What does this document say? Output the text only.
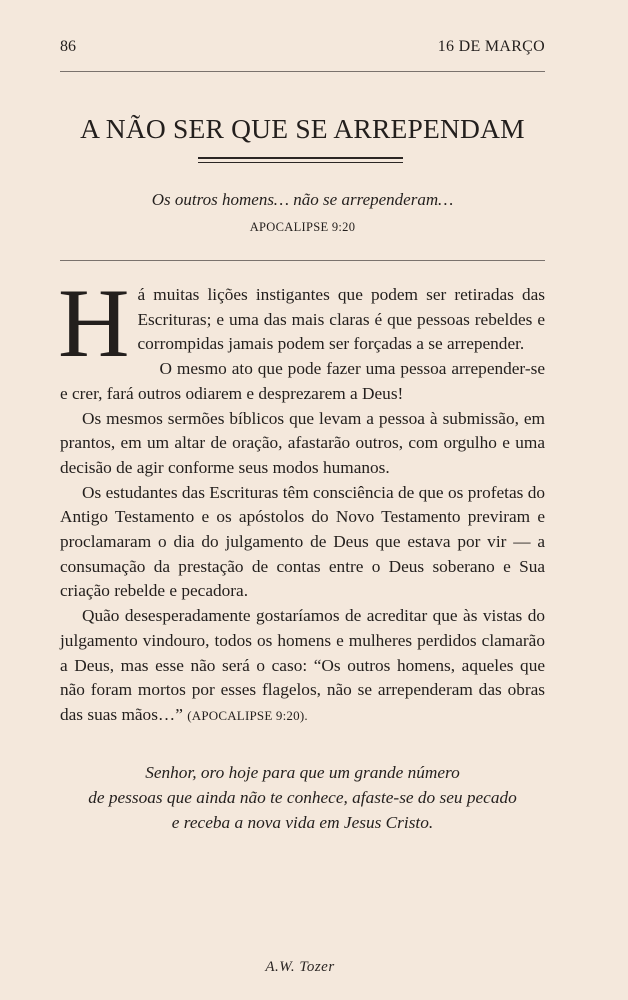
86	16 DE MARÇO
A NÃO SER QUE SE ARREPENDAM
Os outros homens… não se arrependeram…
APOCALIPSE 9:20

Há muitas lições instigantes que podem ser retiradas das Escrituras; e uma das mais claras é que pessoas rebeldes e corrompidas jamais podem ser forçadas a se arrepender.

O mesmo ato que pode fazer uma pessoa arrepender-se e crer, fará outros odiarem e desprezarem a Deus!

Os mesmos sermões bíblicos que levam a pessoa à submissão, em prantos, em um altar de oração, afastarão outros, com orgulho e uma decisão de agir conforme seus modos humanos.

Os estudantes das Escrituras têm consciência de que os profetas do Antigo Testamento e os apóstolos do Novo Testamento previram e proclamaram o dia do julgamento de Deus que estava por vir — a consumação da prestação de contas entre o Deus soberano e Sua criação rebelde e pecadora.

Quão desesperadamente gostaríamos de acreditar que às vistas do julgamento vindouro, todos os homens e mulheres perdidos clamarão a Deus, mas esse não será o caso: “Os outros homens, aqueles que não foram mortos por esses flagelos, não se arrependeram das obras das suas mãos…” (APOCALIPSE 9:20).

Senhor, oro hoje para que um grande número
de pessoas que ainda não te conhece, afaste-se do seu pecado
e receba a nova vida em Jesus Cristo.
A.W. Tozer
